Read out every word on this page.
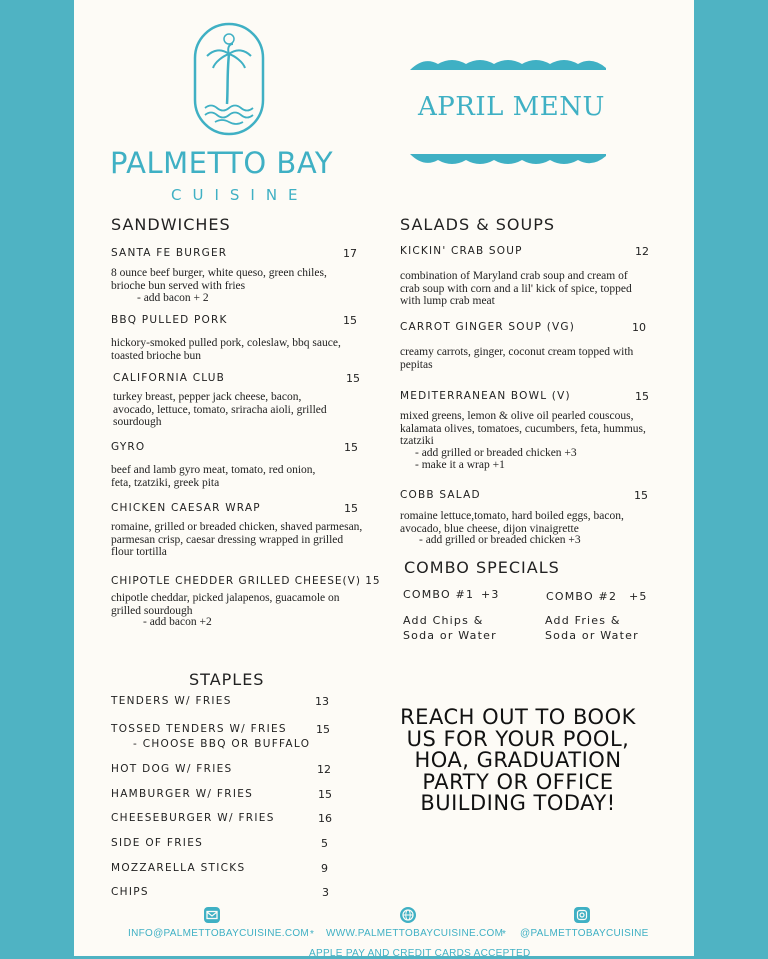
PALMETTO BAY
CUISINE
APRIL MENU
SANDWICHES
SANTA FE BURGER	17
8 ounce beef burger, white queso, green chiles, brioche bun served with fries
- add bacon + 2
BBQ PULLED PORK	15
hickory-smoked pulled pork, coleslaw, bbq sauce, toasted brioche bun
CALIFORNIA CLUB	15
turkey breast, pepper jack cheese, bacon, avocado, lettuce, tomato, sriracha aioli, grilled sourdough
GYRO	15
beef and lamb gyro meat, tomato, red onion, feta, tzatziki, greek pita
CHICKEN CAESAR WRAP	15
romaine, grilled or breaded chicken, shaved parmesan, parmesan crisp, caesar dressing wrapped in grilled flour tortilla
CHIPOTLE CHEDDER GRILLED CHEESE(V) 15
chipotle cheddar, picked jalapenos, guacamole on grilled sourdough
- add bacon +2
SALADS & SOUPS
KICKIN' CRAB SOUP	12
combination of Maryland crab soup and cream of crab soup with corn and a lil' kick of spice, topped with lump crab meat
CARROT GINGER SOUP (VG)	10
creamy carrots, ginger, coconut cream topped with pepitas
MEDITERRANEAN BOWL (V)	15
mixed greens, lemon & olive oil pearled couscous, kalamata olives, tomatoes, cucumbers, feta, hummus, tzatziki
- add grilled or breaded chicken +3
- make it a wrap +1
COBB SALAD	15
romaine lettuce,tomato, hard boiled eggs, bacon, avocado, blue cheese, dijon vinaigrette
- add grilled or breaded chicken +3
COMBO SPECIALS
COMBO #1 +3
Add Chips & Soda or Water
COMBO #2 +5
Add Fries & Soda or Water
STAPLES
TENDERS W/ FRIES	13
TOSSED TENDERS W/ FRIES	15
- CHOOSE BBQ OR BUFFALO
HOT DOG W/ FRIES	12
HAMBURGER W/ FRIES	15
CHEESEBURGER W/ FRIES	16
SIDE OF FRIES	5
MOZZARELLA STICKS	9
CHIPS	3
REACH OUT TO BOOK US FOR YOUR POOL, HOA, GRADUATION PARTY OR OFFICE BUILDING TODAY!
INFO@PALMETTOBAYCUISINE.COM * WWW.PALMETTOBAYCUISINE.COM
* @PALMETTOBAYCUISINE
APPLE PAY AND CREDIT CARDS ACCEPTED
